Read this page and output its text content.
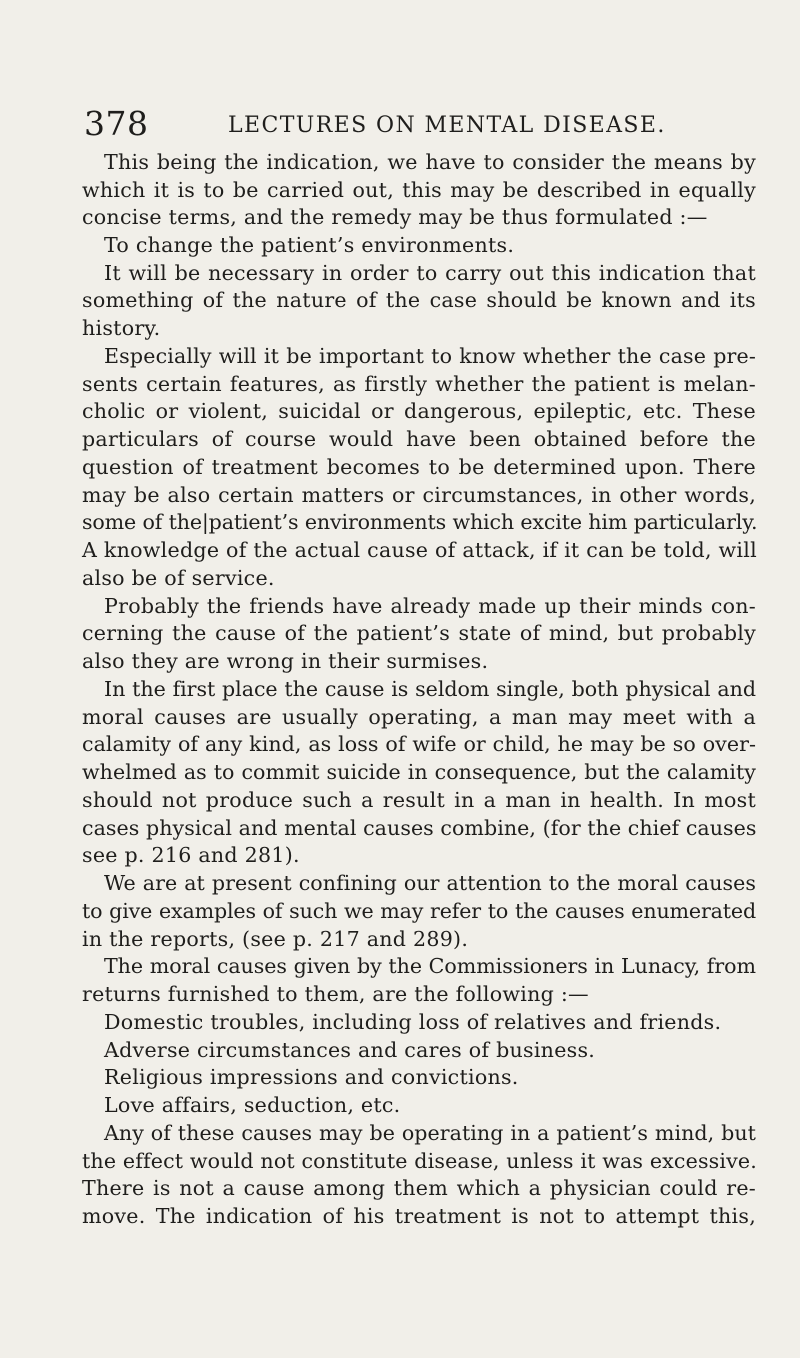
378	LECTURES ON MENTAL DISEASE.
This being the indication, we have to consider the means by
which it is to be carried out, this may be described in equally
concise terms, and the remedy may be thus formulated :—
To change the patient’s environments.
It will be necessary in order to carry out this indication that
something of the nature of the case should be known and its
history.
Especially will it be important to know whether the case pre-
sents certain features, as firstly whether the patient is melan-
cholic or violent, suicidal or dangerous, epileptic, etc. These
particulars of course would have been obtained before the
question of treatment becomes to be determined upon. There
may be also certain matters or circumstances, in other words,
some of the|patient’s environments which excite him particularly.
A knowledge of the actual cause of attack, if it can be told, will
also be of service.
Probably the friends have already made up their minds con-
cerning the cause of the patient’s state of mind, but probably
also they are wrong in their surmises.
In the first place the cause is seldom single, both physical and
moral causes are usually operating, a man may meet with a
calamity of any kind, as loss of wife or child, he may be so over-
whelmed as to commit suicide in consequence, but the calamity
should not produce such a result in a man in health. In most
cases physical and mental causes combine, (for the chief causes
see p. 216 and 281).
We are at present confining our attention to the moral causes
to give examples of such we may refer to the causes enumerated
in the reports, (see p. 217 and 289).
The moral causes given by the Commissioners in Lunacy, from
returns furnished to them, are the following :—
Domestic troubles, including loss of relatives and friends.
Adverse circumstances and cares of business.
Religious impressions and convictions.
Love affairs, seduction, etc.
Any of these causes may be operating in a patient’s mind, but
the effect would not constitute disease, unless it was excessive.
There is not a cause among them which a physician could re-
move. The indication of his treatment is not to attempt this,
